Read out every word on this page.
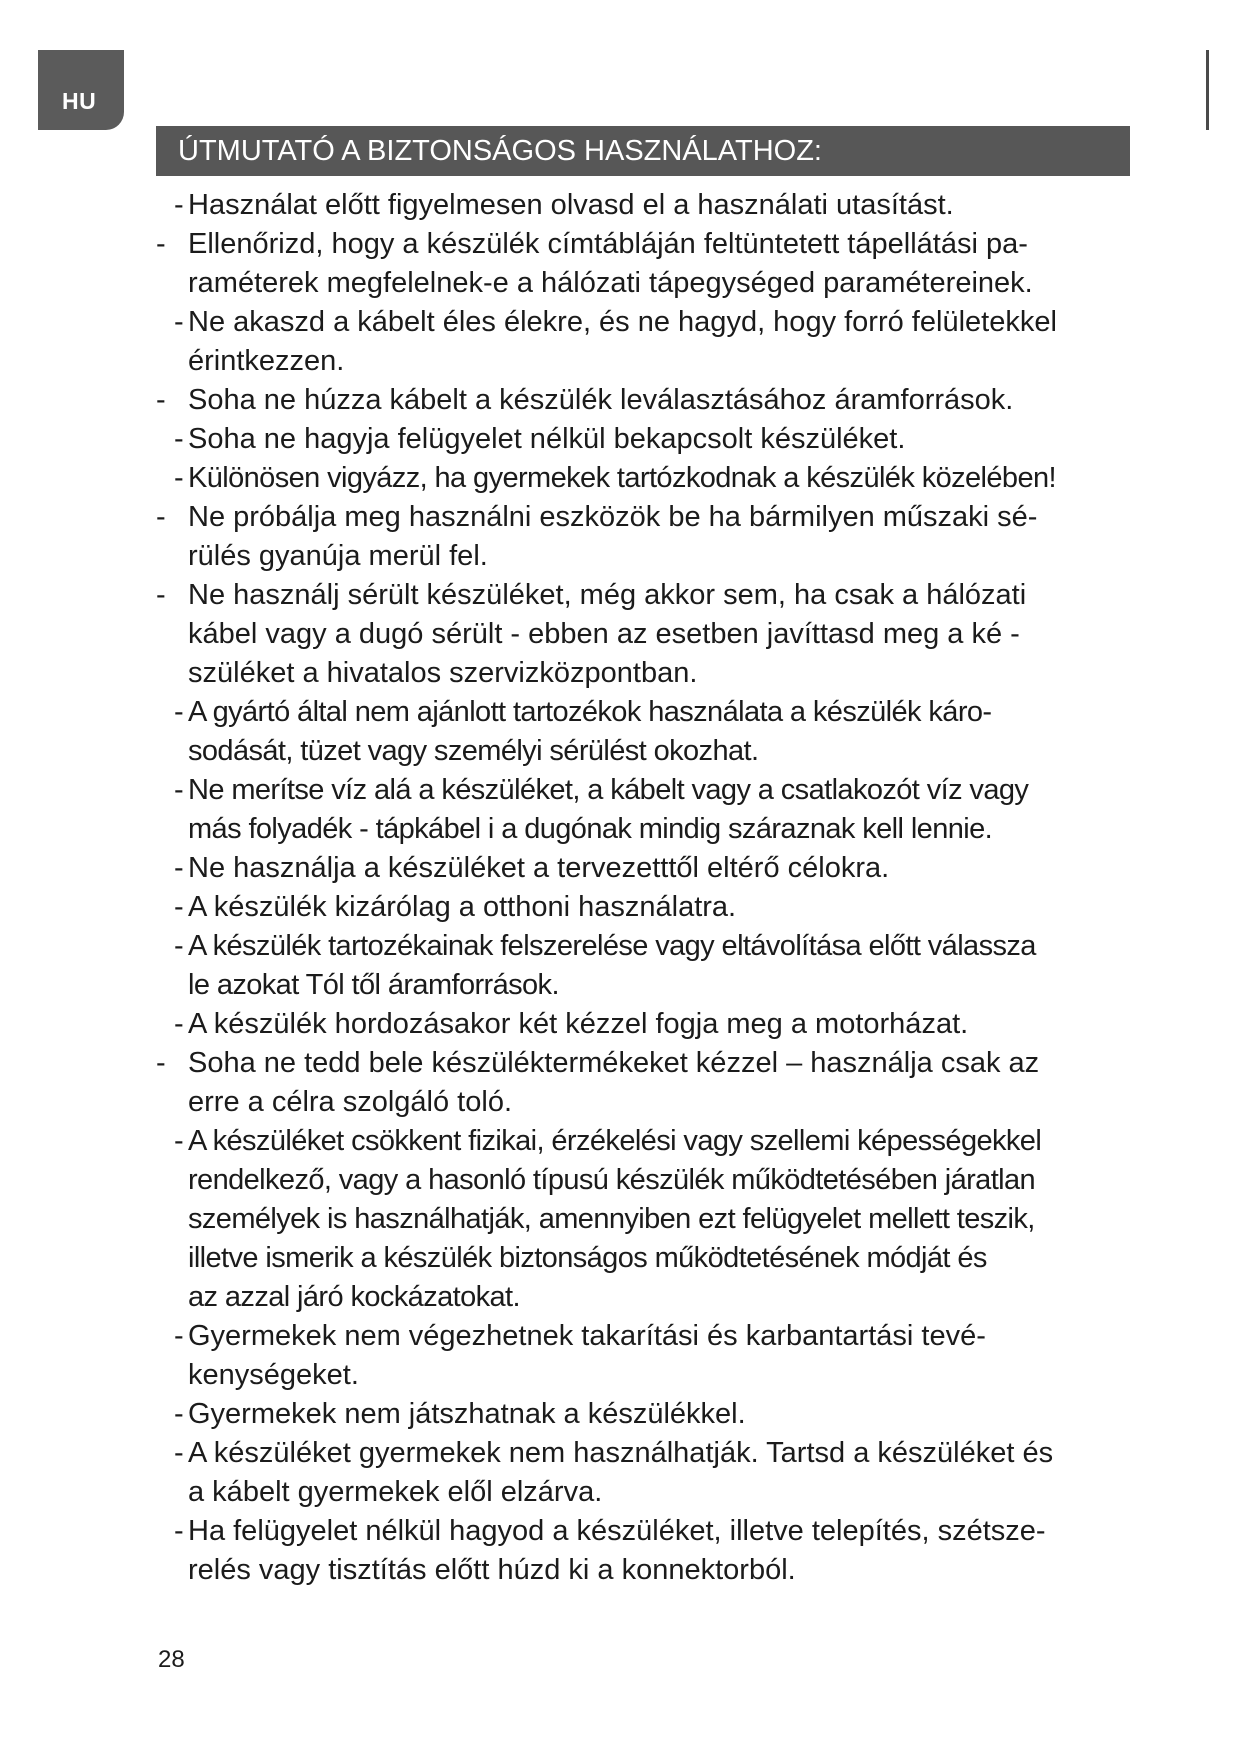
HU
ÚTMUTATÓ A BIZTONSÁGOS HASZNÁLATHOZ:
- Használat előtt figyelmesen olvasd el a használati utasítást.
- Ellenőrizd, hogy a készülék címtábláján feltüntetett tápellátási pa-
raméterek megfelelnek-e a hálózati tápegységed paramétereinek.
- Ne akaszd a kábelt éles élekre, és ne hagyd, hogy forró felületekkel
érintkezzen.
- Soha ne húzza kábelt a készülék leválasztásához áramforrások.
- Soha ne hagyja felügyelet nélkül bekapcsolt készüléket.
- Különösen vigyázz, ha gyermekek tartózkodnak a készülék közelében!
- Ne próbálja meg használni eszközök be ha bármilyen műszaki sé-
rülés gyanúja merül fel.
- Ne használj sérült készüléket, még akkor sem, ha csak a hálózati
kábel vagy a dugó sérült - ebben az esetben javíttasd meg a ké -
szüléket a hivatalos szervizközpontban.
- A gyártó által nem ajánlott tartozékok használata a készülék káro-
sodását, tüzet vagy személyi sérülést okozhat.
- Ne merítse víz alá a készüléket, a kábelt vagy a csatlakozót víz vagy
más folyadék - tápkábel i a dugónak mindig száraznak kell lennie.
- Ne használja a készüléket a tervezetttől eltérő célokra.
- A készülék kizárólag a otthoni használatra.
- A készülék tartozékainak felszerelése vagy eltávolítása előtt válassza
le azokat Tól től áramforrások.
- A készülék hordozásakor két kézzel fogja meg a motorházat.
- Soha ne tedd bele készüléktermékeket kézzel – használja csak az
erre a célra szolgáló toló.
- A készüléket csökkent fizikai, érzékelési vagy szellemi képességekkel
rendelkező, vagy a hasonló típusú készülék működtetésében járatlan
személyek is használhatják, amennyiben ezt felügyelet mellett teszik,
illetve ismerik a készülék biztonságos működtetésének módját és
az azzal járó kockázatokat.
- Gyermekek nem végezhetnek takarítási és karbantartási tevé-
kenységeket.
- Gyermekek nem játszhatnak a készülékkel.
- A készüléket gyermekek nem használhatják. Tartsd a készüléket és
a kábelt gyermekek elől elzárva.
- Ha felügyelet nélkül hagyod a készüléket, illetve telepítés, szétsze-
relés vagy tisztítás előtt húzd ki a konnektorból.
28
